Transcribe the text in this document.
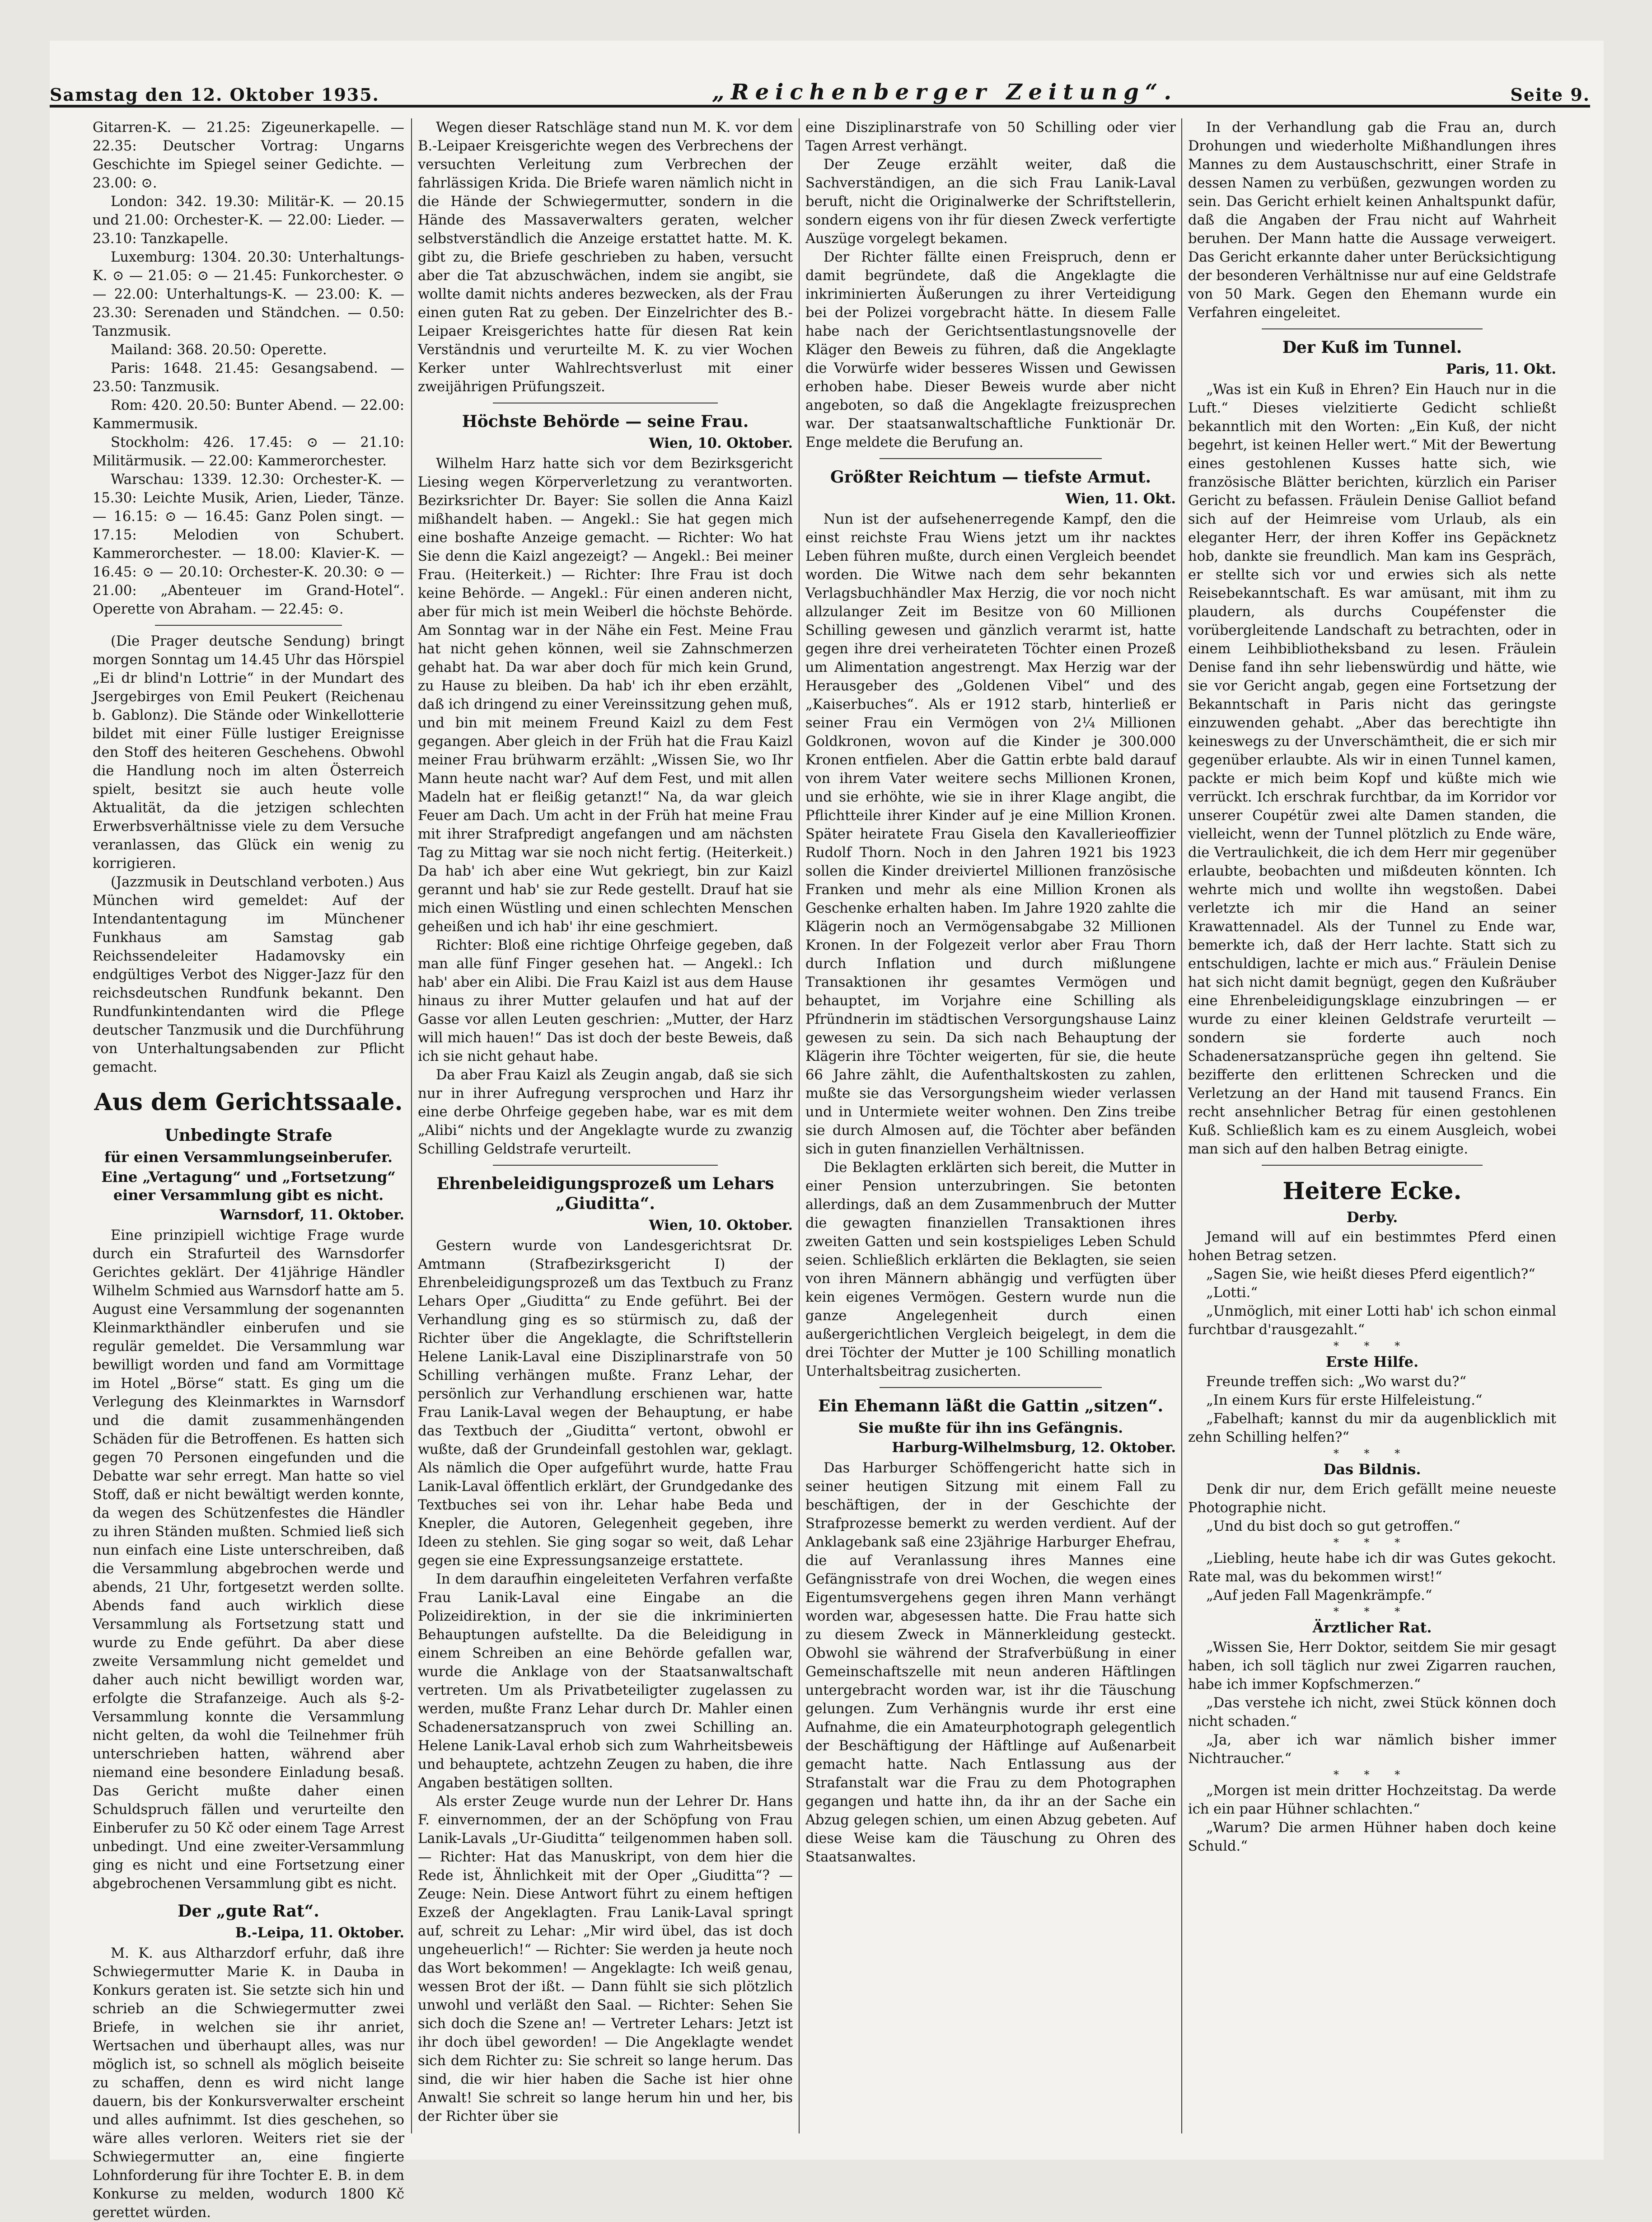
Samstag den 12. Oktober 1935.	„Reichenberger Zeitung“.	Seite 9.

Gitarren-K. — 21.25: Zigeunerkapelle. — 22.35: Deutscher Vortrag: Ungarns Geschichte im Spiegel seiner Gedichte. — 23.00: ⊙.

London: 342. 19.30: Militär-K. — 20.15 und 21.00: Orchester-K. — 22.00: Lieder. — 23.10: Tanzkapelle.

Luxemburg: 1304. 20.30: Unterhaltungs-K. ⊙ — 21.05: ⊙ — 21.45: Funkorchester. ⊙ — 22.00: Unterhaltungs-K. — 23.00: K. — 23.30: Serenaden und Ständchen. — 0.50: Tanzmusik.

Mailand: 368. 20.50: Operette.

Paris: 1648. 21.45: Gesangsabend. — 23.50: Tanzmusik.

Rom: 420. 20.50: Bunter Abend. — 22.00: Kammermusik.

Stockholm: 426. 17.45: ⊙ — 21.10: Militärmusik. — 22.00: Kammerorchester.

Warschau: 1339. 12.30: Orchester-K. — 15.30: Leichte Musik, Arien, Lieder, Tänze. — 16.15: ⊙ — 16.45: Ganz Polen singt. — 17.15: Melodien von Schubert. Kammerorchester. — 18.00: Klavier-K. — 16.45: ⊙ — 20.10: Orchester-K. 20.30: ⊙ — 21.00: „Abenteuer im Grand-Hotel“. Operette von Abraham. — 22.45: ⊙.

(Die Prager deutsche Sendung) bringt morgen Sonntag um 14.45 Uhr das Hörspiel „Ei dr blind'n Lottrie“ in der Mundart des Jsergebirges von Emil Peukert (Reichenau b. Gablonz). Die Stände oder Winkellotterie bildet mit einer Fülle lustiger Ereignisse den Stoff des heiteren Geschehens. Obwohl die Handlung noch im alten Österreich spielt, besitzt sie auch heute volle Aktualität, da die jetzigen schlechten Erwerbsverhältnisse viele zu dem Versuche veranlassen, das Glück ein wenig zu korrigieren.

(Jazzmusik in Deutschland verboten.) Aus München wird gemeldet: Auf der Intendantentagung im Münchener Funkhaus am Samstag gab Reichssendeleiter Hadamovsky ein endgültiges Verbot des Nigger-Jazz für den reichsdeutschen Rundfunk bekannt. Den Rundfunkintendanten wird die Pflege deutscher Tanzmusik und die Durchführung von Unterhaltungsabenden zur Pflicht gemacht.

Aus dem Gerichtssaale.
Unbedingte Strafe
für einen Versammlungseinberufer.
Eine „Vertagung“ und „Fortsetzung“ einer Versammlung gibt es nicht.
Warnsdorf, 11. Oktober.

Eine prinzipiell wichtige Frage wurde durch ein Strafurteil des Warnsdorfer Gerichtes geklärt. Der 41jährige Händler Wilhelm Schmied aus Warnsdorf hatte am 5. August eine Versammlung der sogenannten Kleinmarkthändler einberufen und sie regulär gemeldet. Die Versammlung war bewilligt worden und fand am Vormittage im Hotel „Börse“ statt. Es ging um die Verlegung des Kleinmarktes in Warnsdorf und die damit zusammenhängenden Schäden für die Betroffenen. Es hatten sich gegen 70 Personen eingefunden und die Debatte war sehr erregt. Man hatte so viel Stoff, daß er nicht bewältigt werden konnte, da wegen des Schützenfestes die Händler zu ihren Ständen mußten. Schmied ließ sich nun einfach eine Liste unterschreiben, daß die Versammlung abgebrochen werde und abends, 21 Uhr, fortgesetzt werden sollte. Abends fand auch wirklich diese Versammlung als Fortsetzung statt und wurde zu Ende geführt. Da aber diese zweite Versammlung nicht gemeldet und daher auch nicht bewilligt worden war, erfolgte die Strafanzeige. Auch als §-2-Versammlung konnte die Versammlung nicht gelten, da wohl die Teilnehmer früh unterschrieben hatten, während aber niemand eine besondere Einladung besaß. Das Gericht mußte daher einen Schuldspruch fällen und verurteilte den Einberufer zu 50 Kč oder einem Tage Arrest unbedingt. Und eine zweiter-Versammlung ging es nicht und eine Fortsetzung einer abgebrochenen Versammlung gibt es nicht.

Der „gute Rat“.
B.-Leipa, 11. Oktober.

M. K. aus Altharzdorf erfuhr, daß ihre Schwiegermutter Marie K. in Dauba in Konkurs geraten ist. Sie setzte sich hin und schrieb an die Schwiegermutter zwei Briefe, in welchen sie ihr anriet, Wertsachen und überhaupt alles, was nur möglich ist, so schnell als möglich beiseite zu schaffen, denn es wird nicht lange dauern, bis der Konkursverwalter erscheint und alles aufnimmt. Ist dies geschehen, so wäre alles verloren. Weiters riet sie der Schwiegermutter an, eine fingierte Lohnforderung für ihre Tochter E. B. in dem Konkurse zu melden, wodurch 1800 Kč gerettet würden.

Wegen dieser Ratschläge stand nun M. K. vor dem B.-Leipaer Kreisgerichte wegen des Verbrechens der versuchten Verleitung zum Verbrechen der fahrlässigen Krida. Die Briefe waren nämlich nicht in die Hände der Schwiegermutter, sondern in die Hände des Massaverwalters geraten, welcher selbstverständlich die Anzeige erstattet hatte. M. K. gibt zu, die Briefe geschrieben zu haben, versucht aber die Tat abzuschwächen, indem sie angibt, sie wollte damit nichts anderes bezwecken, als der Frau einen guten Rat zu geben. Der Einzelrichter des B.-Leipaer Kreisgerichtes hatte für diesen Rat kein Verständnis und verurteilte M. K. zu vier Wochen Kerker unter Wahlrechtsverlust mit einer zweijährigen Prüfungszeit.

Höchste Behörde — seine Frau.
Wien, 10. Oktober.

Wilhelm Harz hatte sich vor dem Bezirksgericht Liesing wegen Körperverletzung zu verantworten. Bezirksrichter Dr. Bayer: Sie sollen die Anna Kaizl mißhandelt haben. — Angekl.: Sie hat gegen mich eine boshafte Anzeige gemacht. — Richter: Wo hat Sie denn die Kaizl angezeigt? — Angekl.: Bei meiner Frau. (Heiterkeit.) — Richter: Ihre Frau ist doch keine Behörde. — Angekl.: Für einen anderen nicht, aber für mich ist mein Weiberl die höchste Behörde. Am Sonntag war in der Nähe ein Fest. Meine Frau hat nicht gehen können, weil sie Zahnschmerzen gehabt hat. Da war aber doch für mich kein Grund, zu Hause zu bleiben. Da hab' ich ihr eben erzählt, daß ich dringend zu einer Vereinssitzung gehen muß, und bin mit meinem Freund Kaizl zu dem Fest gegangen. Aber gleich in der Früh hat die Frau Kaizl meiner Frau brühwarm erzählt: „Wissen Sie, wo Ihr Mann heute nacht war? Auf dem Fest, und mit allen Madeln hat er fleißig getanzt!“ Na, da war gleich Feuer am Dach. Um acht in der Früh hat meine Frau mit ihrer Strafpredigt angefangen und am nächsten Tag zu Mittag war sie noch nicht fertig. (Heiterkeit.) Da hab' ich aber eine Wut gekriegt, bin zur Kaizl gerannt und hab' sie zur Rede gestellt. Drauf hat sie mich einen Wüstling und einen schlechten Menschen geheißen und ich hab' ihr eine geschmiert.

Richter: Bloß eine richtige Ohrfeige gegeben, daß man alle fünf Finger gesehen hat. — Angekl.: Ich hab' aber ein Alibi. Die Frau Kaizl ist aus dem Hause hinaus zu ihrer Mutter gelaufen und hat auf der Gasse vor allen Leuten geschrien: „Mutter, der Harz will mich hauen!“ Das ist doch der beste Beweis, daß ich sie nicht gehaut habe.

Da aber Frau Kaizl als Zeugin angab, daß sie sich nur in ihrer Aufregung versprochen und Harz ihr eine derbe Ohrfeige gegeben habe, war es mit dem „Alibi“ nichts und der Angeklagte wurde zu zwanzig Schilling Geldstrafe verurteilt.

Ehrenbeleidigungsprozeß um Lehars „Giuditta“.
Wien, 10. Oktober.

Gestern wurde von Landesgerichtsrat Dr. Amtmann (Strafbezirksgericht I) der Ehrenbeleidigungsprozeß um das Textbuch zu Franz Lehars Oper „Giuditta“ zu Ende geführt. Bei der Verhandlung ging es so stürmisch zu, daß der Richter über die Angeklagte, die Schriftstellerin Helene Lanik-Laval eine Disziplinarstrafe von 50 Schilling verhängen mußte. Franz Lehar, der persönlich zur Verhandlung erschienen war, hatte Frau Lanik-Laval wegen der Behauptung, er habe das Textbuch der „Giuditta“ vertont, obwohl er wußte, daß der Grundeinfall gestohlen war, geklagt. Als nämlich die Oper aufgeführt wurde, hatte Frau Lanik-Laval öffentlich erklärt, der Grundgedanke des Textbuches sei von ihr. Lehar habe Beda und Knepler, die Autoren, Gelegenheit gegeben, ihre Ideen zu stehlen. Sie ging sogar so weit, daß Lehar gegen sie eine Expressungsanzeige erstattete.

In dem daraufhin eingeleiteten Verfahren verfaßte Frau Lanik-Laval eine Eingabe an die Polizeidirektion, in der sie die inkriminierten Behauptungen aufstellte. Da die Beleidigung in einem Schreiben an eine Behörde gefallen war, wurde die Anklage von der Staatsanwaltschaft vertreten. Um als Privatbeteiligter zugelassen zu werden, mußte Franz Lehar durch Dr. Mahler einen Schadenersatzanspruch von zwei Schilling an. Helene Lanik-Laval erhob sich zum Wahrheitsbeweis und behauptete, achtzehn Zeugen zu haben, die ihre Angaben bestätigen sollten.

Als erster Zeuge wurde nun der Lehrer Dr. Hans F. einvernommen, der an der Schöpfung von Frau Lanik-Lavals „Ur-Giuditta“ teilgenommen haben soll. — Richter: Hat das Manuskript, von dem hier die Rede ist, Ähnlichkeit mit der Oper „Giuditta“? — Zeuge: Nein. Diese Antwort führt zu einem heftigen Exzeß der Angeklagten. Frau Lanik-Laval springt auf, schreit zu Lehar: „Mir wird übel, das ist doch ungeheuerlich!“ — Richter: Sie werden ja heute noch das Wort bekommen! — Angeklagte: Ich weiß genau, wessen Brot der ißt. — Dann fühlt sie sich plötzlich unwohl und verläßt den Saal. — Richter: Sehen Sie sich doch die Szene an! — Vertreter Lehars: Jetzt ist ihr doch übel geworden! — Die Angeklagte wendet sich dem Richter zu: Sie schreit so lange herum. Das sind, die wir hier haben die Sache ist hier ohne Anwalt! Sie schreit so lange herum hin und her, bis der Richter über sie

eine Disziplinarstrafe von 50 Schilling oder vier Tagen Arrest verhängt.

Der Zeuge erzählt weiter, daß die Sachverständigen, an die sich Frau Lanik-Laval beruft, nicht die Originalwerke der Schriftstellerin, sondern eigens von ihr für diesen Zweck verfertigte Auszüge vorgelegt bekamen.

Der Richter fällte einen Freispruch, denn er damit begründete, daß die Angeklagte die inkriminierten Äußerungen zu ihrer Verteidigung bei der Polizei vorgebracht hätte. In diesem Falle habe nach der Gerichtsentlastungsnovelle der Kläger den Beweis zu führen, daß die Angeklagte die Vorwürfe wider besseres Wissen und Gewissen erhoben habe. Dieser Beweis wurde aber nicht angeboten, so daß die Angeklagte freizusprechen war. Der staatsanwaltschaftliche Funktionär Dr. Enge meldete die Berufung an.

Größter Reichtum — tiefste Armut.
Wien, 11. Okt.

Nun ist der aufsehenerregende Kampf, den die einst reichste Frau Wiens jetzt um ihr nacktes Leben führen mußte, durch einen Vergleich beendet worden. Die Witwe nach dem sehr bekannten Verlagsbuchhändler Max Herzig, die vor noch nicht allzulanger Zeit im Besitze von 60 Millionen Schilling gewesen und gänzlich verarmt ist, hatte gegen ihre drei verheirateten Töchter einen Prozeß um Alimentation angestrengt. Max Herzig war der Herausgeber des „Goldenen Vibel“ und des „Kaiserbuches“. Als er 1912 starb, hinterließ er seiner Frau ein Vermögen von 2¼ Millionen Goldkronen, wovon auf die Kinder je 300.000 Kronen entfielen. Aber die Gattin erbte bald darauf von ihrem Vater weitere sechs Millionen Kronen, und sie erhöhte, wie sie in ihrer Klage angibt, die Pflichtteile ihrer Kinder auf je eine Million Kronen. Später heiratete Frau Gisela den Kavallerieoffizier Rudolf Thorn. Noch in den Jahren 1921 bis 1923 sollen die Kinder dreiviertel Millionen französische Franken und mehr als eine Million Kronen als Geschenke erhalten haben. Im Jahre 1920 zahlte die Klägerin noch an Vermögensabgabe 32 Millionen Kronen. In der Folgezeit verlor aber Frau Thorn durch Inflation und durch mißlungene Transaktionen ihr gesamtes Vermögen und behauptet, im Vorjahre eine Schilling als Pfründnerin im städtischen Versorgungshause Lainz gewesen zu sein. Da sich nach Behauptung der Klägerin ihre Töchter weigerten, für sie, die heute 66 Jahre zählt, die Aufenthaltskosten zu zahlen, mußte sie das Versorgungsheim wieder verlassen und in Untermiete weiter wohnen. Den Zins treibe sie durch Almosen auf, die Töchter aber befänden sich in guten finanziellen Verhältnissen.

Die Beklagten erklärten sich bereit, die Mutter in einer Pension unterzubringen. Sie betonten allerdings, daß an dem Zusammenbruch der Mutter die gewagten finanziellen Transaktionen ihres zweiten Gatten und sein kostspieliges Leben Schuld seien. Schließlich erklärten die Beklagten, sie seien von ihren Männern abhängig und verfügten über kein eigenes Vermögen. Gestern wurde nun die ganze Angelegenheit durch einen außergerichtlichen Vergleich beigelegt, in dem die drei Töchter der Mutter je 100 Schilling monatlich Unterhaltsbeitrag zusicherten.

Ein Ehemann läßt die Gattin „sitzen“.
Sie mußte für ihn ins Gefängnis.
Harburg-Wilhelmsburg, 12. Oktober.

Das Harburger Schöffengericht hatte sich in seiner heutigen Sitzung mit einem Fall zu beschäftigen, der in der Geschichte der Strafprozesse bemerkt zu werden verdient. Auf der Anklagebank saß eine 23jährige Harburger Ehefrau, die auf Veranlassung ihres Mannes eine Gefängnisstrafe von drei Wochen, die wegen eines Eigentumsvergehens gegen ihren Mann verhängt worden war, abgesessen hatte. Die Frau hatte sich zu diesem Zweck in Männerkleidung gesteckt. Obwohl sie während der Strafverbüßung in einer Gemeinschaftszelle mit neun anderen Häftlingen untergebracht worden war, ist ihr die Täuschung gelungen. Zum Verhängnis wurde ihr erst eine Aufnahme, die ein Amateurphotograph gelegentlich der Beschäftigung der Häftlinge auf Außenarbeit gemacht hatte. Nach Entlassung aus der Strafanstalt war die Frau zu dem Photographen gegangen und hatte ihn, da ihr an der Sache ein Abzug gelegen schien, um einen Abzug gebeten. Auf diese Weise kam die Täuschung zu Ohren des Staatsanwaltes.

In der Verhandlung gab die Frau an, durch Drohungen und wiederholte Mißhandlungen ihres Mannes zu dem Austauschschritt, einer Strafe in dessen Namen zu verbüßen, gezwungen worden zu sein. Das Gericht erhielt keinen Anhaltspunkt dafür, daß die Angaben der Frau nicht auf Wahrheit beruhen. Der Mann hatte die Aussage verweigert. Das Gericht erkannte daher unter Berücksichtigung der besonderen Verhältnisse nur auf eine Geldstrafe von 50 Mark. Gegen den Ehemann wurde ein Verfahren eingeleitet.

Der Kuß im Tunnel.
Paris, 11. Okt.

„Was ist ein Kuß in Ehren? Ein Hauch nur in die Luft.“ Dieses vielzitierte Gedicht schließt bekanntlich mit den Worten: „Ein Kuß, der nicht begehrt, ist keinen Heller wert.“ Mit der Bewertung eines gestohlenen Kusses hatte sich, wie französische Blätter berichten, kürzlich ein Pariser Gericht zu befassen. Fräulein Denise Galliot befand sich auf der Heimreise vom Urlaub, als ein eleganter Herr, der ihren Koffer ins Gepäcknetz hob, dankte sie freundlich. Man kam ins Gespräch, er stellte sich vor und erwies sich als nette Reisebekanntschaft. Es war amüsant, mit ihm zu plaudern, als durchs Coupéfenster die vorübergleitende Landschaft zu betrachten, oder in einem Leihbibliotheksband zu lesen. Fräulein Denise fand ihn sehr liebenswürdig und hätte, wie sie vor Gericht angab, gegen eine Fortsetzung der Bekanntschaft in Paris nicht das geringste einzuwenden gehabt. „Aber das berechtigte ihn keineswegs zu der Unverschämtheit, die er sich mir gegenüber erlaubte. Als wir in einen Tunnel kamen, packte er mich beim Kopf und küßte mich wie verrückt. Ich erschrak furchtbar, da im Korridor vor unserer Coupétür zwei alte Damen standen, die vielleicht, wenn der Tunnel plötzlich zu Ende wäre, die Vertraulichkeit, die ich dem Herr mir gegenüber erlaubte, beobachten und mißdeuten könnten. Ich wehrte mich und wollte ihn wegstoßen. Dabei verletzte ich mir die Hand an seiner Krawattennadel. Als der Tunnel zu Ende war, bemerkte ich, daß der Herr lachte. Statt sich zu entschuldigen, lachte er mich aus.“ Fräulein Denise hat sich nicht damit begnügt, gegen den Kußräuber eine Ehrenbeleidigungsklage einzubringen — er wurde zu einer kleinen Geldstrafe verurteilt — sondern sie forderte auch noch Schadenersatzansprüche gegen ihn geltend. Sie bezifferte den erlittenen Schrecken und die Verletzung an der Hand mit tausend Francs. Ein recht ansehnlicher Betrag für einen gestohlenen Kuß. Schließlich kam es zu einem Ausgleich, wobei man sich auf den halben Betrag einigte.

Heitere Ecke.
Derby.

Jemand will auf ein bestimmtes Pferd einen hohen Betrag setzen.

„Sagen Sie, wie heißt dieses Pferd eigentlich?“

„Lotti.“

„Unmöglich, mit einer Lotti hab' ich schon einmal furchtbar d'rausgezahlt.“

* * *
Erste Hilfe.

Freunde treffen sich: „Wo warst du?“

„In einem Kurs für erste Hilfeleistung.“

„Fabelhaft; kannst du mir da augenblicklich mit zehn Schilling helfen?“

* * *
Das Bildnis.

Denk dir nur, dem Erich gefällt meine neueste Photographie nicht.

„Und du bist doch so gut getroffen.“

* * *

„Liebling, heute habe ich dir was Gutes gekocht. Rate mal, was du bekommen wirst!“

„Auf jeden Fall Magenkrämpfe.“

* * *
Ärztlicher Rat.

„Wissen Sie, Herr Doktor, seitdem Sie mir gesagt haben, ich soll täglich nur zwei Zigarren rauchen, habe ich immer Kopfschmerzen.“

„Das verstehe ich nicht, zwei Stück können doch nicht schaden.“

„Ja, aber ich war nämlich bisher immer Nichtraucher.“

* * *

„Morgen ist mein dritter Hochzeitstag. Da werde ich ein paar Hühner schlachten.“

„Warum? Die armen Hühner haben doch keine Schuld.“
